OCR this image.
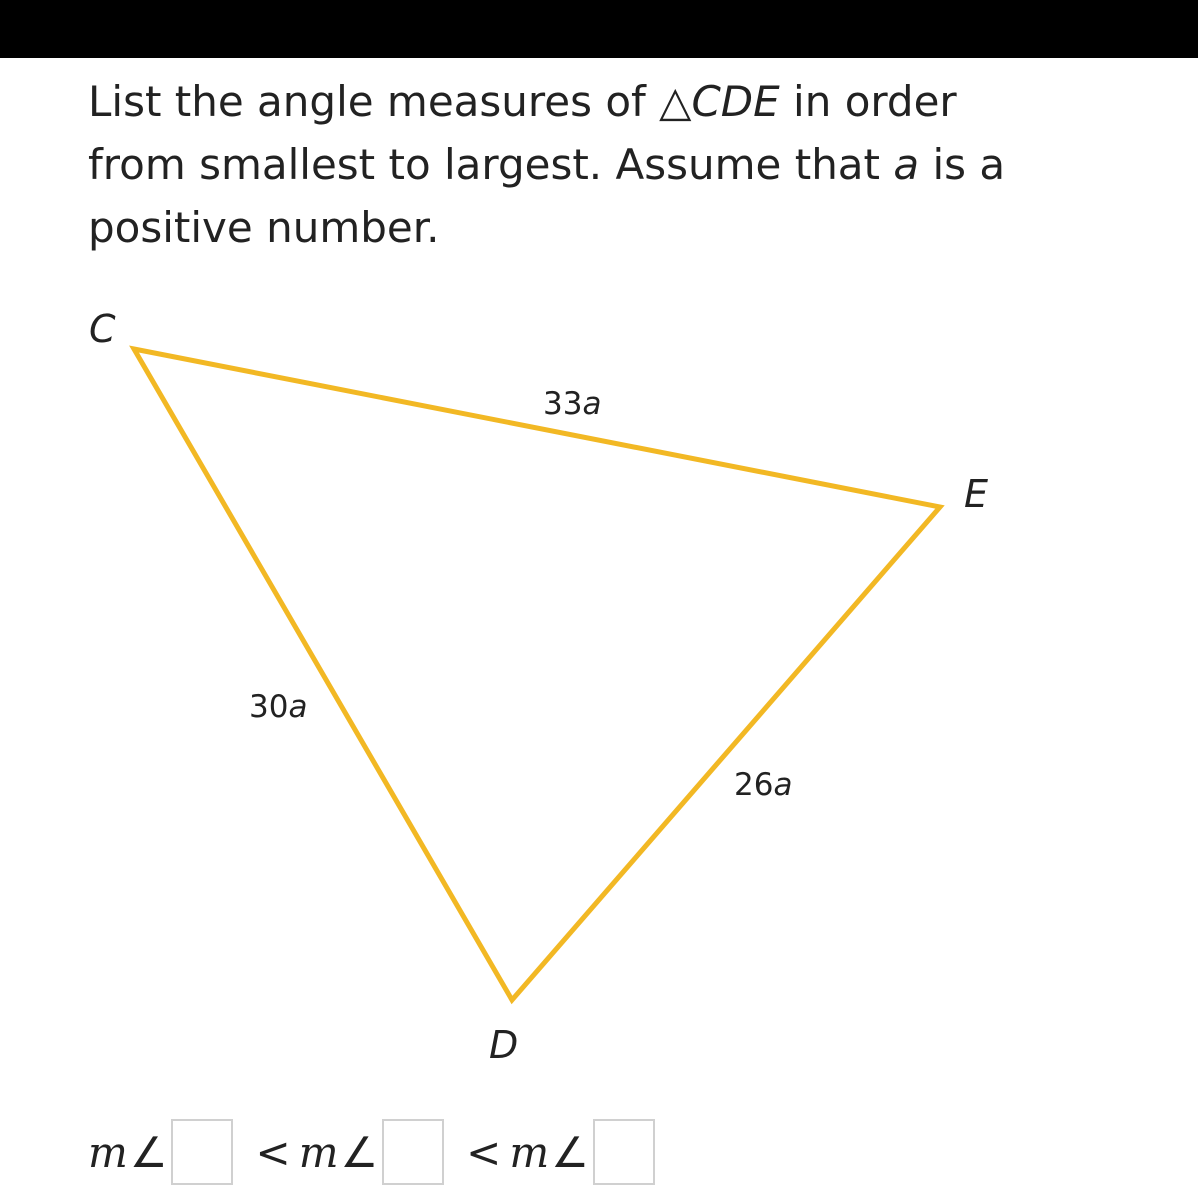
List the angle measures of △CDE in order
from smallest to largest. Assume that a is a
positive number.
C
E
D
33a
30a
26a
m ∠ < m ∠ < m ∠
